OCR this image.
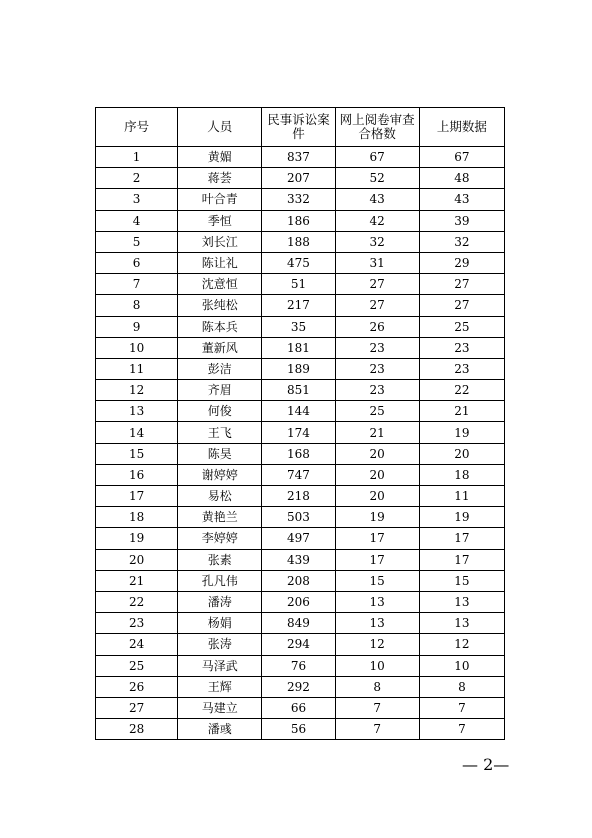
序号	人员	民事诉讼案件	网上阅卷审查合格数	上期数据
1	黄媚	837	67	67
2	蒋荟	207	52	48
3	叶合青	332	43	43
4	季恒	186	42	39
5	刘长江	188	32	32
6	陈让礼	475	31	29
7	沈意恒	51	27	27
8	张纯松	217	27	27
9	陈本兵	35	26	25
10	董新风	181	23	23
11	彭洁	189	23	23
12	齐眉	851	23	22
13	何俊	144	25	21
14	王飞	174	21	19
15	陈昊	168	20	20
16	谢婷婷	747	20	18
17	易松	218	20	11
18	黄艳兰	503	19	19
19	李婷婷	497	17	17
20	张素	439	17	17
21	孔凡伟	208	15	15
22	潘涛	206	13	13
23	杨娟	849	13	13
24	张涛	294	12	12
25	马泽武	76	10	10
26	王辉	292	8	8
27	马建立	66	7	7
28	潘彧	56	7	7
— 2—
